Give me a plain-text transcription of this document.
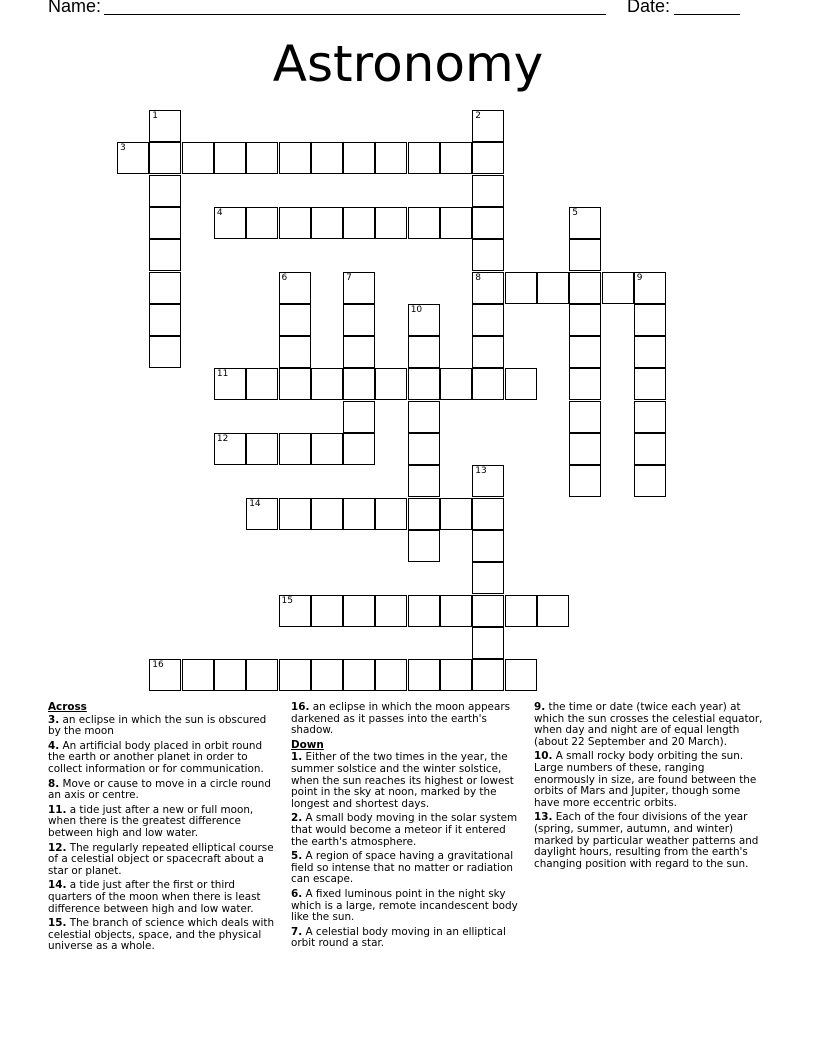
Name:	Date:
Astronomy
1	2
8
3
4	5
6	7	9
10
11
12
13
14
15
16
Across
3. an eclipse in which the sun is obscured by the moon
4. An artificial body placed in orbit round the earth or another planet in order to collect information or for communication.
8. Move or cause to move in a circle round an axis or centre.
11. a tide just after a new or full moon, when there is the greatest difference between high and low water.
12. The regularly repeated elliptical course of a celestial object or spacecraft about a star or planet.
14. a tide just after the first or third quarters of the moon when there is least difference between high and low water.
15. The branch of science which deals with celestial objects, space, and the physical universe as a whole.
16. an eclipse in which the moon appears darkened as it passes into the earth's shadow.
Down
1. Either of the two times in the year, the summer solstice and the winter solstice, when the sun reaches its highest or lowest point in the sky at noon, marked by the longest and shortest days.
2. A small body moving in the solar system that would become a meteor if it entered the earth's atmosphere.
5. A region of space having a gravitational field so intense that no matter or radiation can escape.
6. A fixed luminous point in the night sky which is a large, remote incandescent body like the sun.
7. A celestial body moving in an elliptical orbit round a star.
9. the time or date (twice each year) at which the sun crosses the celestial equator, when day and night are of equal length (about 22 September and 20 March).
10. A small rocky body orbiting the sun. Large numbers of these, ranging enormously in size, are found between the orbits of Mars and Jupiter, though some have more eccentric orbits.
13. Each of the four divisions of the year (spring, summer, autumn, and winter) marked by particular weather patterns and daylight hours, resulting from the earth's changing position with regard to the sun.
